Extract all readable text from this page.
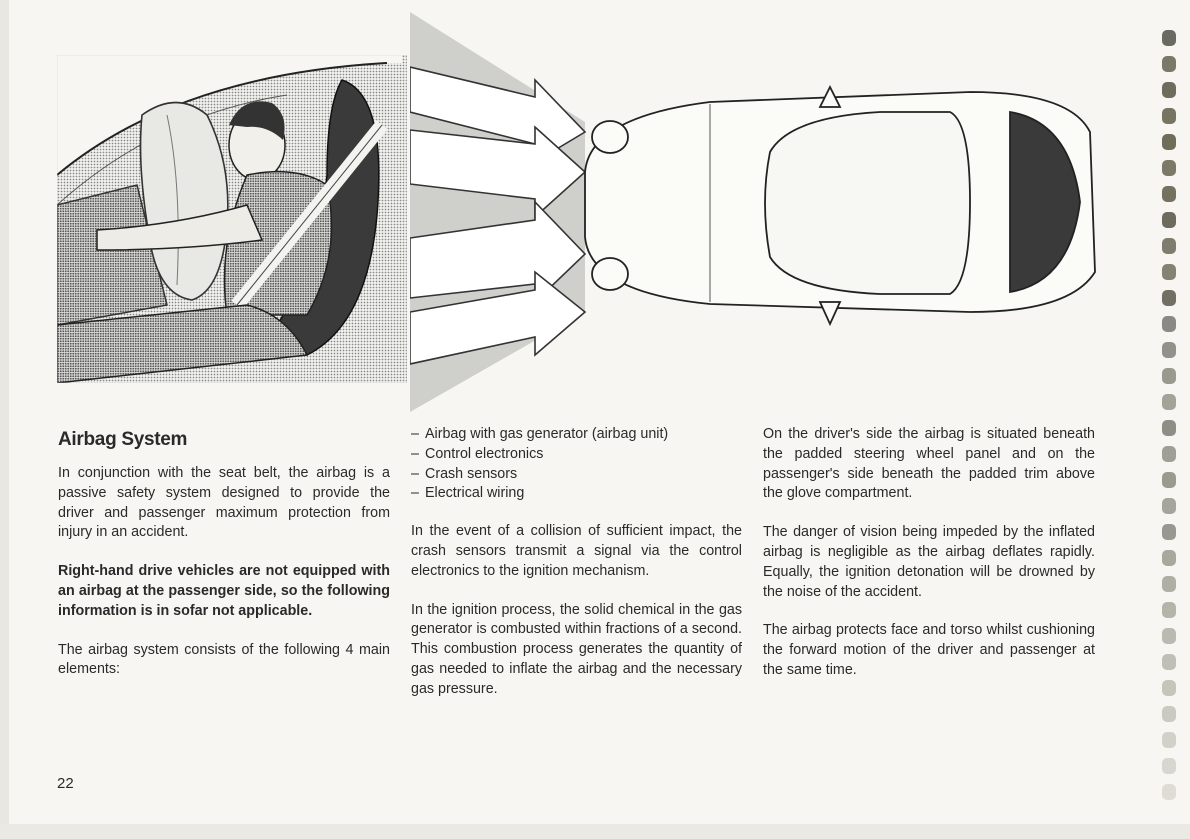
Airbag System

In conjunction with the seat belt, the airbag is a passive safety system designed to provide the driver and passenger maximum protection from injury in an accident.

Right-hand drive vehicles are not equipped with an airbag at the passenger side, so the following information is in sofar not applicable.

The airbag system consists of the following 4 main elements:

– Airbag with gas generator (airbag unit)
– Control electronics
– Crash sensors
– Electrical wiring

In the event of a collision of sufficient impact, the crash sensors transmit a signal via the control electronics to the ignition mechanism.

In the ignition process, the solid chemical in the gas generator is combusted within fractions of a second. This combustion process generates the quantity of gas needed to inflate the airbag and the necessary gas pressure.

On the driver's side the airbag is situated beneath the padded steering wheel panel and on the passenger's side beneath the padded trim above the glove compartment.

The danger of vision being impeded by the inflated airbag is negligible as the airbag deflates rapidly. Equally, the ignition detonation will be drowned by the noise of the accident.

The airbag protects face and torso whilst cushioning the forward motion of the driver and passenger at the same time.

22
